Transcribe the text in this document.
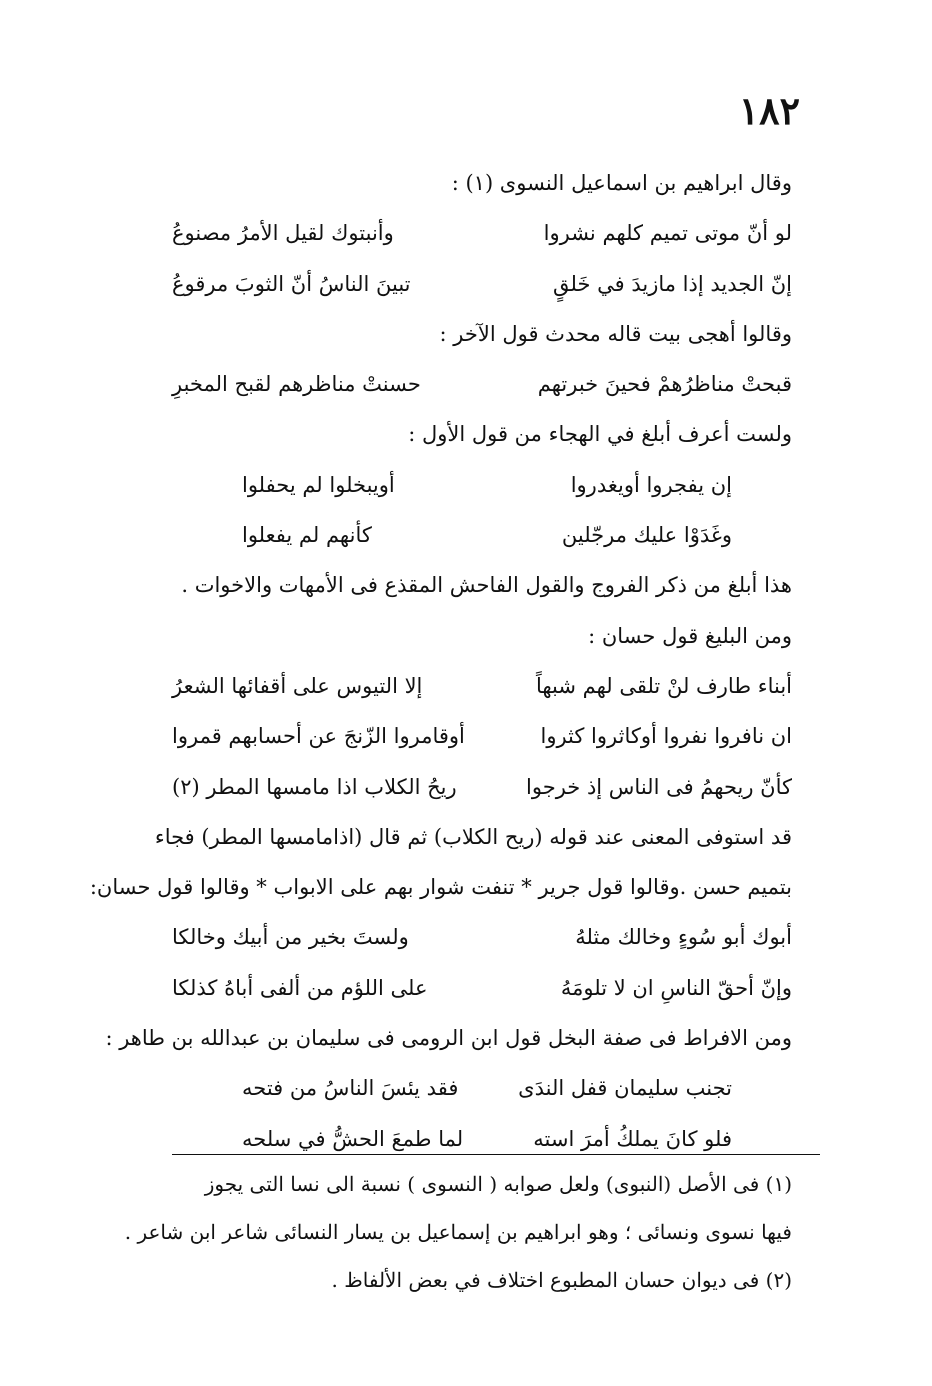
١٨٢
وقال ابراهيم بن اسماعيل النسوى (١) :
لو أنّ موتى تميم كلهم نشروا
وأنبتوك لقيل الأمرُ مصنوعُ
إنّ الجديد إذا مازيدَ في خَلقٍ
تبينَ الناسُ أنّ الثوبَ مرقوعُ
وقالوا أهجى بيت قاله محدث قول الآخر :
قبحتْ مناظرُهمْ فحينَ خبرتهم
حسنتْ مناظرهم لقبح المخبرِ
ولست أعرف أبلغ في الهجاء من قول الأول :
إن يفجروا أويغدروا
أويبخلوا لم يحفلوا
وغَدَوْا عليك مرجّلين
كأنهم لم يفعلوا
هذا أبلغ من ذكر الفروج والقول الفاحش المقذع فى الأمهات والاخوات .
ومن البليغ قول حسان :
أبناء طارف لنْ تلقى لهم شبهاً
إلا التيوس على أقفائها الشعرُ
ان نافروا نفروا أوكاثروا كثروا
أوقامروا الزّنجَ عن أحسابهم قمروا
كأنّ ريحهمُ فى الناس إذ خرجوا
ريحُ الكلاب اذا مامسها المطر (٢)
قد استوفى المعنى عند قوله (ريح الكلاب) ثم قال (اذامامسها المطر) فجاء
بتميم حسن .وقالوا قول جرير * تنفت شوار بهم على الابواب * وقالوا قول حسان:
أبوك أبو سُوءٍ وخالك مثلهُ
ولستَ بخير من أبيك وخالكا
وإنّ أحقّ الناسِ ان لا تلومَهُ
على اللؤم من ألفى أباهُ كذلكا
ومن الافراط فى صفة البخل قول ابن الرومى فى سليمان بن عبدالله بن طاهر :
تجنب سليمان قفل الندَى
فقد يئسَ الناسُ من فتحه
فلو كانَ يملكُ أمرَ استه
لما طمعَ الحشُّ في سلحه
(١) فى الأصل (النبوى) ولعل صوابه ( النسوى ) نسبة الى نسا التى يجوز
فيها نسوى ونسائى ؛ وهو ابراهيم بن إسماعيل بن يسار النسائى شاعر ابن شاعر .
(٢) فى ديوان حسان المطبوع اختلاف في بعض الألفاظ .
